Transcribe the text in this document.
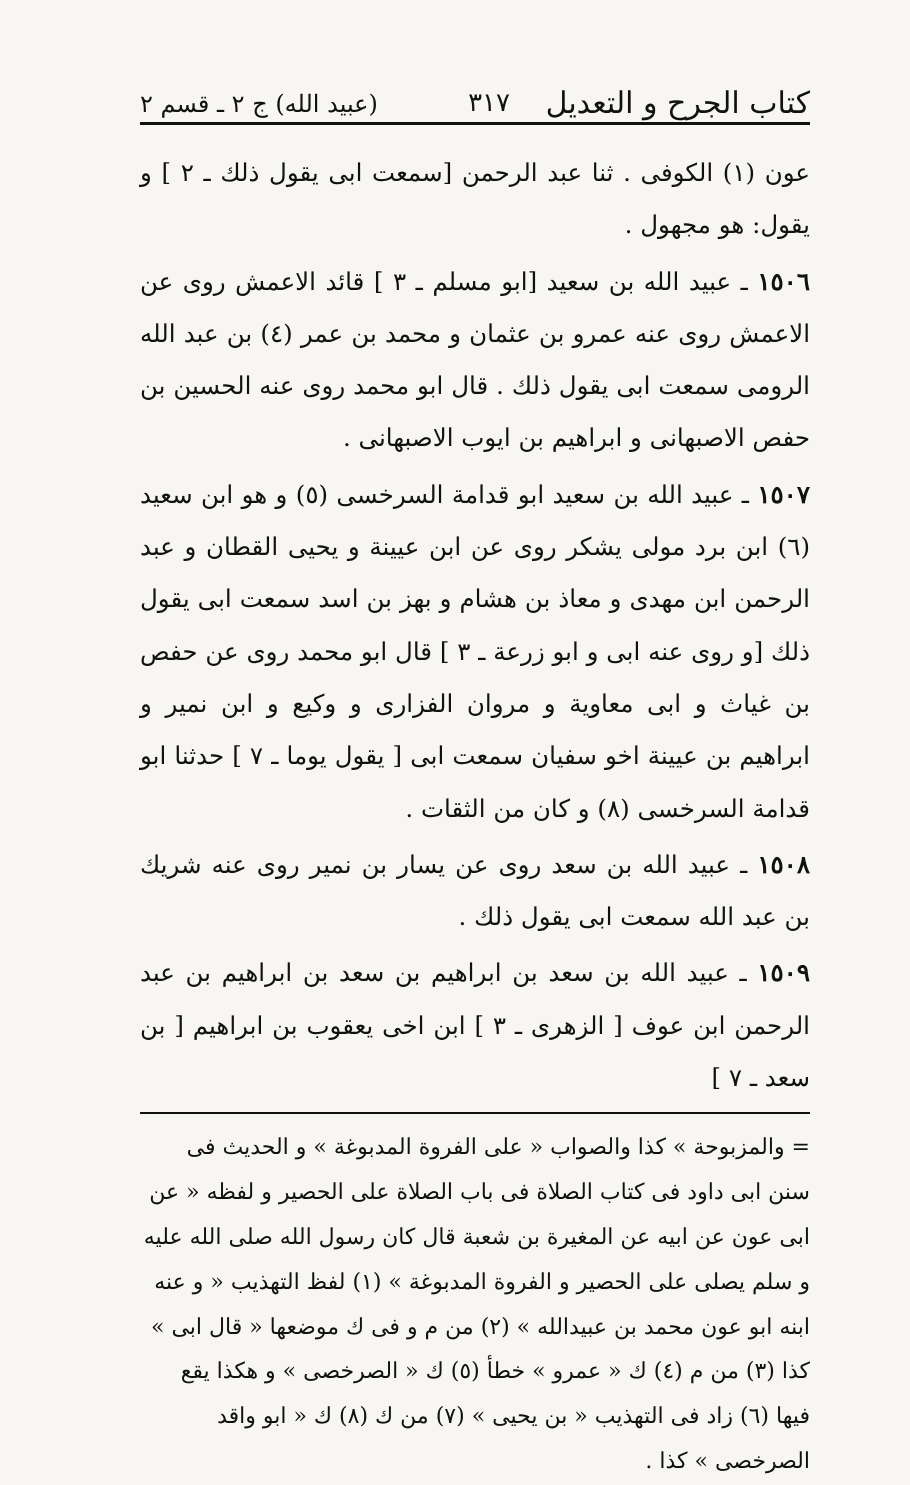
كتاب الجرح و التعديل
٣١٧
(عبيد الله) ج ٢ ـ قسم ٢

عون (١) الكوفى . ثنا عبد الرحمن [سمعت ابى يقول ذلك ـ ٢ ] و يقول: هو مجهول .

١٥٠٦ ـ عبيد الله بن سعيد [ابو مسلم ـ ٣ ] قائد الاعمش روى عن الاعمش روى عنه عمرو بن عثمان و محمد بن عمر (٤) بن عبد الله الرومى سمعت ابى يقول ذلك . قال ابو محمد روى عنه الحسين بن حفص الاصبهانى و ابراهيم بن ايوب الاصبهانى .

١٥٠٧ ـ عبيد الله بن سعيد ابو قدامة السرخسى (٥) و هو ابن سعيد (٦) ابن برد مولى يشكر روى عن ابن عيينة و يحيى القطان و عبد الرحمن ابن مهدى و معاذ بن هشام و بهز بن اسد سمعت ابى يقول ذلك [و روى عنه ابى و ابو زرعة ـ ٣ ] قال ابو محمد روى عن حفص بن غياث و ابى معاوية و مروان الفزارى و وكيع و ابن نمير و ابراهيم بن عيينة اخو سفيان سمعت ابى [ يقول يوما ـ ٧ ] حدثنا ابو قدامة السرخسى (٨) و كان من الثقات .

١٥٠٨ ـ عبيد الله بن سعد روى عن يسار بن نمير روى عنه شريك بن عبد الله سمعت ابى يقول ذلك .

١٥٠٩ ـ عبيد الله بن سعد بن ابراهيم بن سعد بن ابراهيم بن عبد الرحمن ابن عوف [ الزهرى ـ ٣ ] ابن اخى يعقوب بن ابراهيم [ بن سعد ـ ٧ ]

= والمزبوحة » كذا والصواب « على الفروة المدبوغة » و الحديث فى سنن ابى داود فى كتاب الصلاة فى باب الصلاة على الحصير و لفظه « عن ابى عون عن ابيه عن المغيرة بن شعبة قال كان رسول الله صلى الله عليه و سلم يصلى على الحصير و الفروة المدبوغة » (١) لفظ التهذيب « و عنه ابنه ابو عون محمد بن عبيدالله » (٢) من م و فى ك موضعها « قال ابى » كذا (٣) من م (٤) ك « عمرو » خطأ (٥) ك « الصرخصى » و هكذا يقع فيها (٦) زاد فى التهذيب « بن يحيى » (٧) من ك (٨) ك « ابو واقد الصرخصى » كذا .
